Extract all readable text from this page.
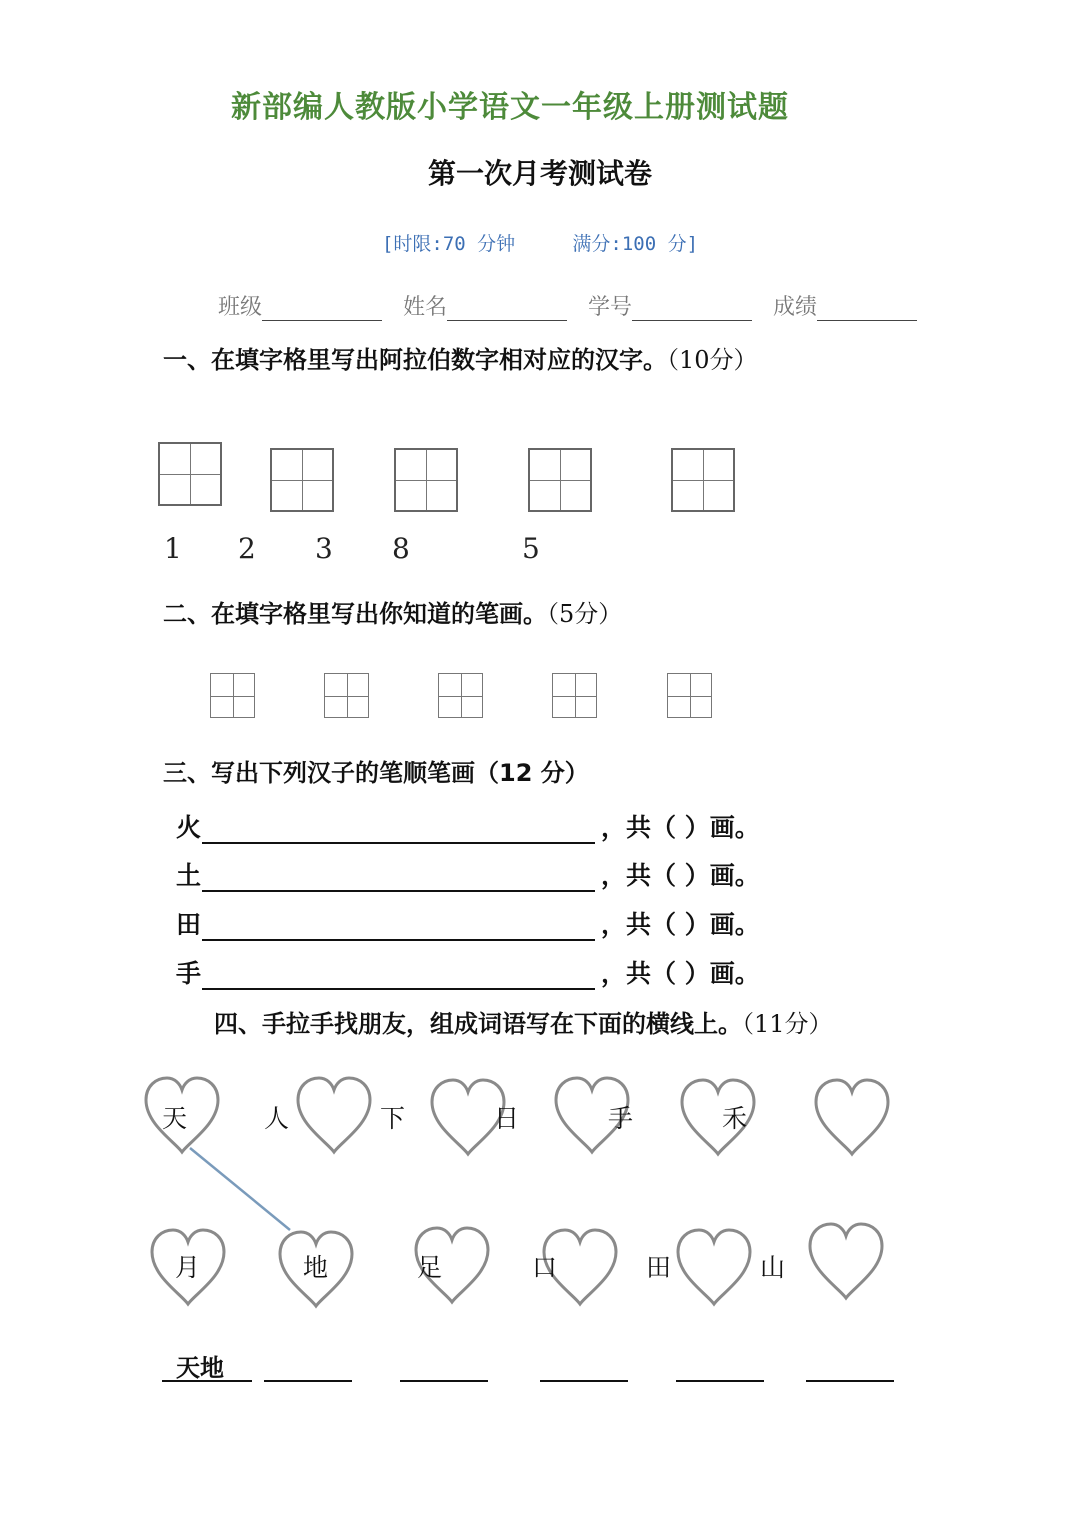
新部编人教版小学语文一年级上册测试题
第一次月考测试卷
[时限:70 分钟     满分:100 分]
班级	姓名	学号	成绩
一、在填字格里写出阿拉伯数字相对应的汉字。（10分）
1 2 3 8	5
二、在填字格里写出你知道的笔画。（5分）
三、写出下列汉子的笔顺笔画（12 分）
火	，共（ ）画。
土	，共（ ）画。
田	，共（ ）画。
手	，共（ ）画。
四、手拉手找朋友，组成词语写在下面的横线上。（11分）
天	人	下	日	手	禾
月	地	足	口	田	山
天地
